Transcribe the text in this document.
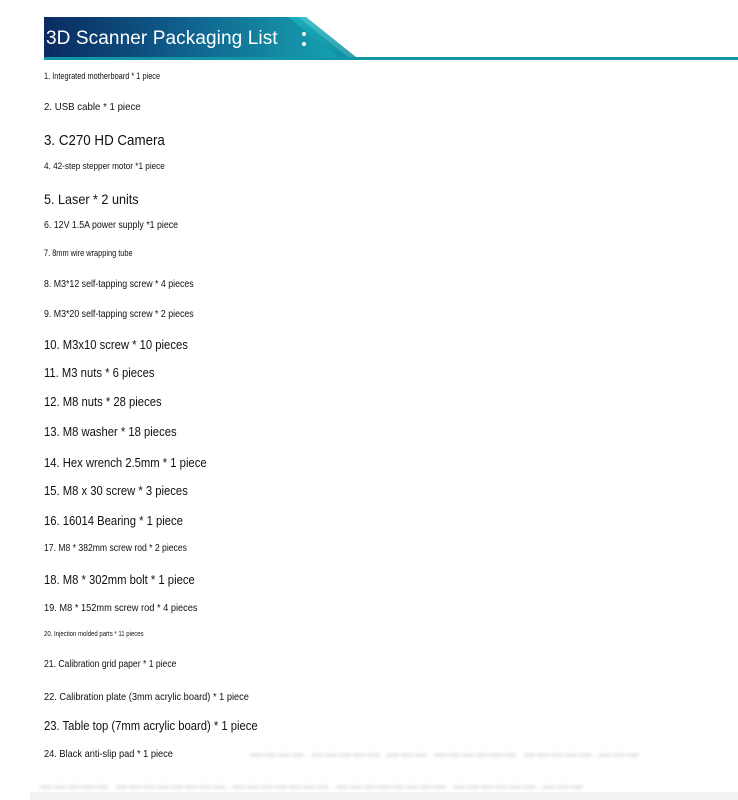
3D Scanner Packaging List
1. Integrated motherboard * 1 piece
2. USB cable * 1 piece
3. C270 HD Camera
4. 42-step stepper motor *1 piece
5. Laser * 2 units
6. 12V 1.5A power supply *1 piece
7. 8mm wire wrapping tube
8. M3*12 self-tapping screw * 4 pieces
9. M3*20 self-tapping screw * 2 pieces
10. M3x10 screw * 10 pieces
11. M3 nuts * 6 pieces
12. M8 nuts * 28 pieces
13. M8 washer * 18 pieces
14. Hex wrench 2.5mm * 1 piece
15. M8 x 30 screw * 3 pieces
16. 16014 Bearing * 1 piece
17. M8 * 382mm screw rod * 2 pieces
18. M8 * 302mm bolt * 1 piece
19. M8 * 152mm screw rod * 4 pieces
20. Injection molded parts * 11 pieces
21. Calibration grid paper * 1 piece
22. Calibration plate (3mm acrylic board) * 1 piece
23. Table top (7mm acrylic board) * 1 piece
24. Black anti-slip pad * 1 piece	▬▬▬▬ ▬▬▬▬▬ ▬▬▬ ▬▬▬▬▬▬ ▬▬▬▬▬ ▬▬▬
▬▬▬▬▬ ▬▬▬▬▬▬▬▬ ▬▬▬▬▬▬▬ ▬▬▬▬▬▬▬▬ ▬▬▬▬▬▬ ▬▬▬
